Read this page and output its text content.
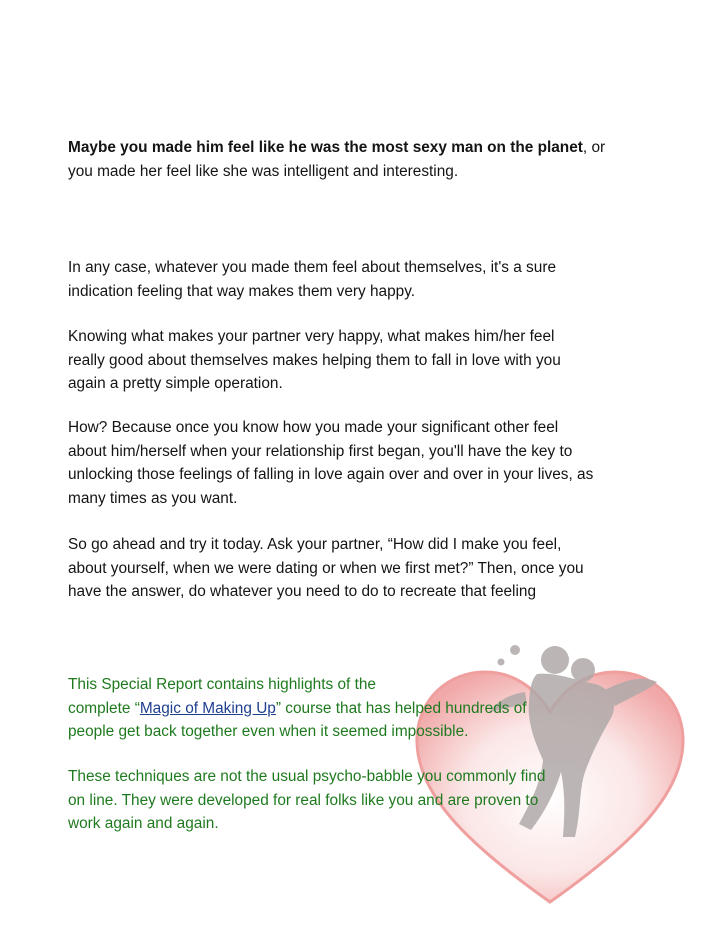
Maybe you made him feel like he was the most sexy man on the planet, or
you made her feel like she was intelligent and interesting.

In any case, whatever you made them feel about themselves, it's a sure
indication feeling that way makes them very happy.
Knowing what makes your partner very happy, what makes him/her feel
really good about themselves makes helping them to fall in love with you
again a pretty simple operation.
How? Because once you know how you made your significant other feel
about him/herself when your relationship first began, you'll have the key to
unlocking those feelings of falling in love again over and over in your lives, as
many times as you want.
So go ahead and try it today. Ask your partner, “How did I make you feel,
about yourself, when we were dating or when we first met?” Then, once you
have the answer, do whatever you need to do to recreate that feeling
This Special Report contains highlights of the
complete “Magic of Making Up” course that has helped hundreds of
people get back together even when it seemed impossible.
These techniques are not the usual psycho-babble you commonly find
on line. They were developed for real folks like you and are proven to
work again and again.
